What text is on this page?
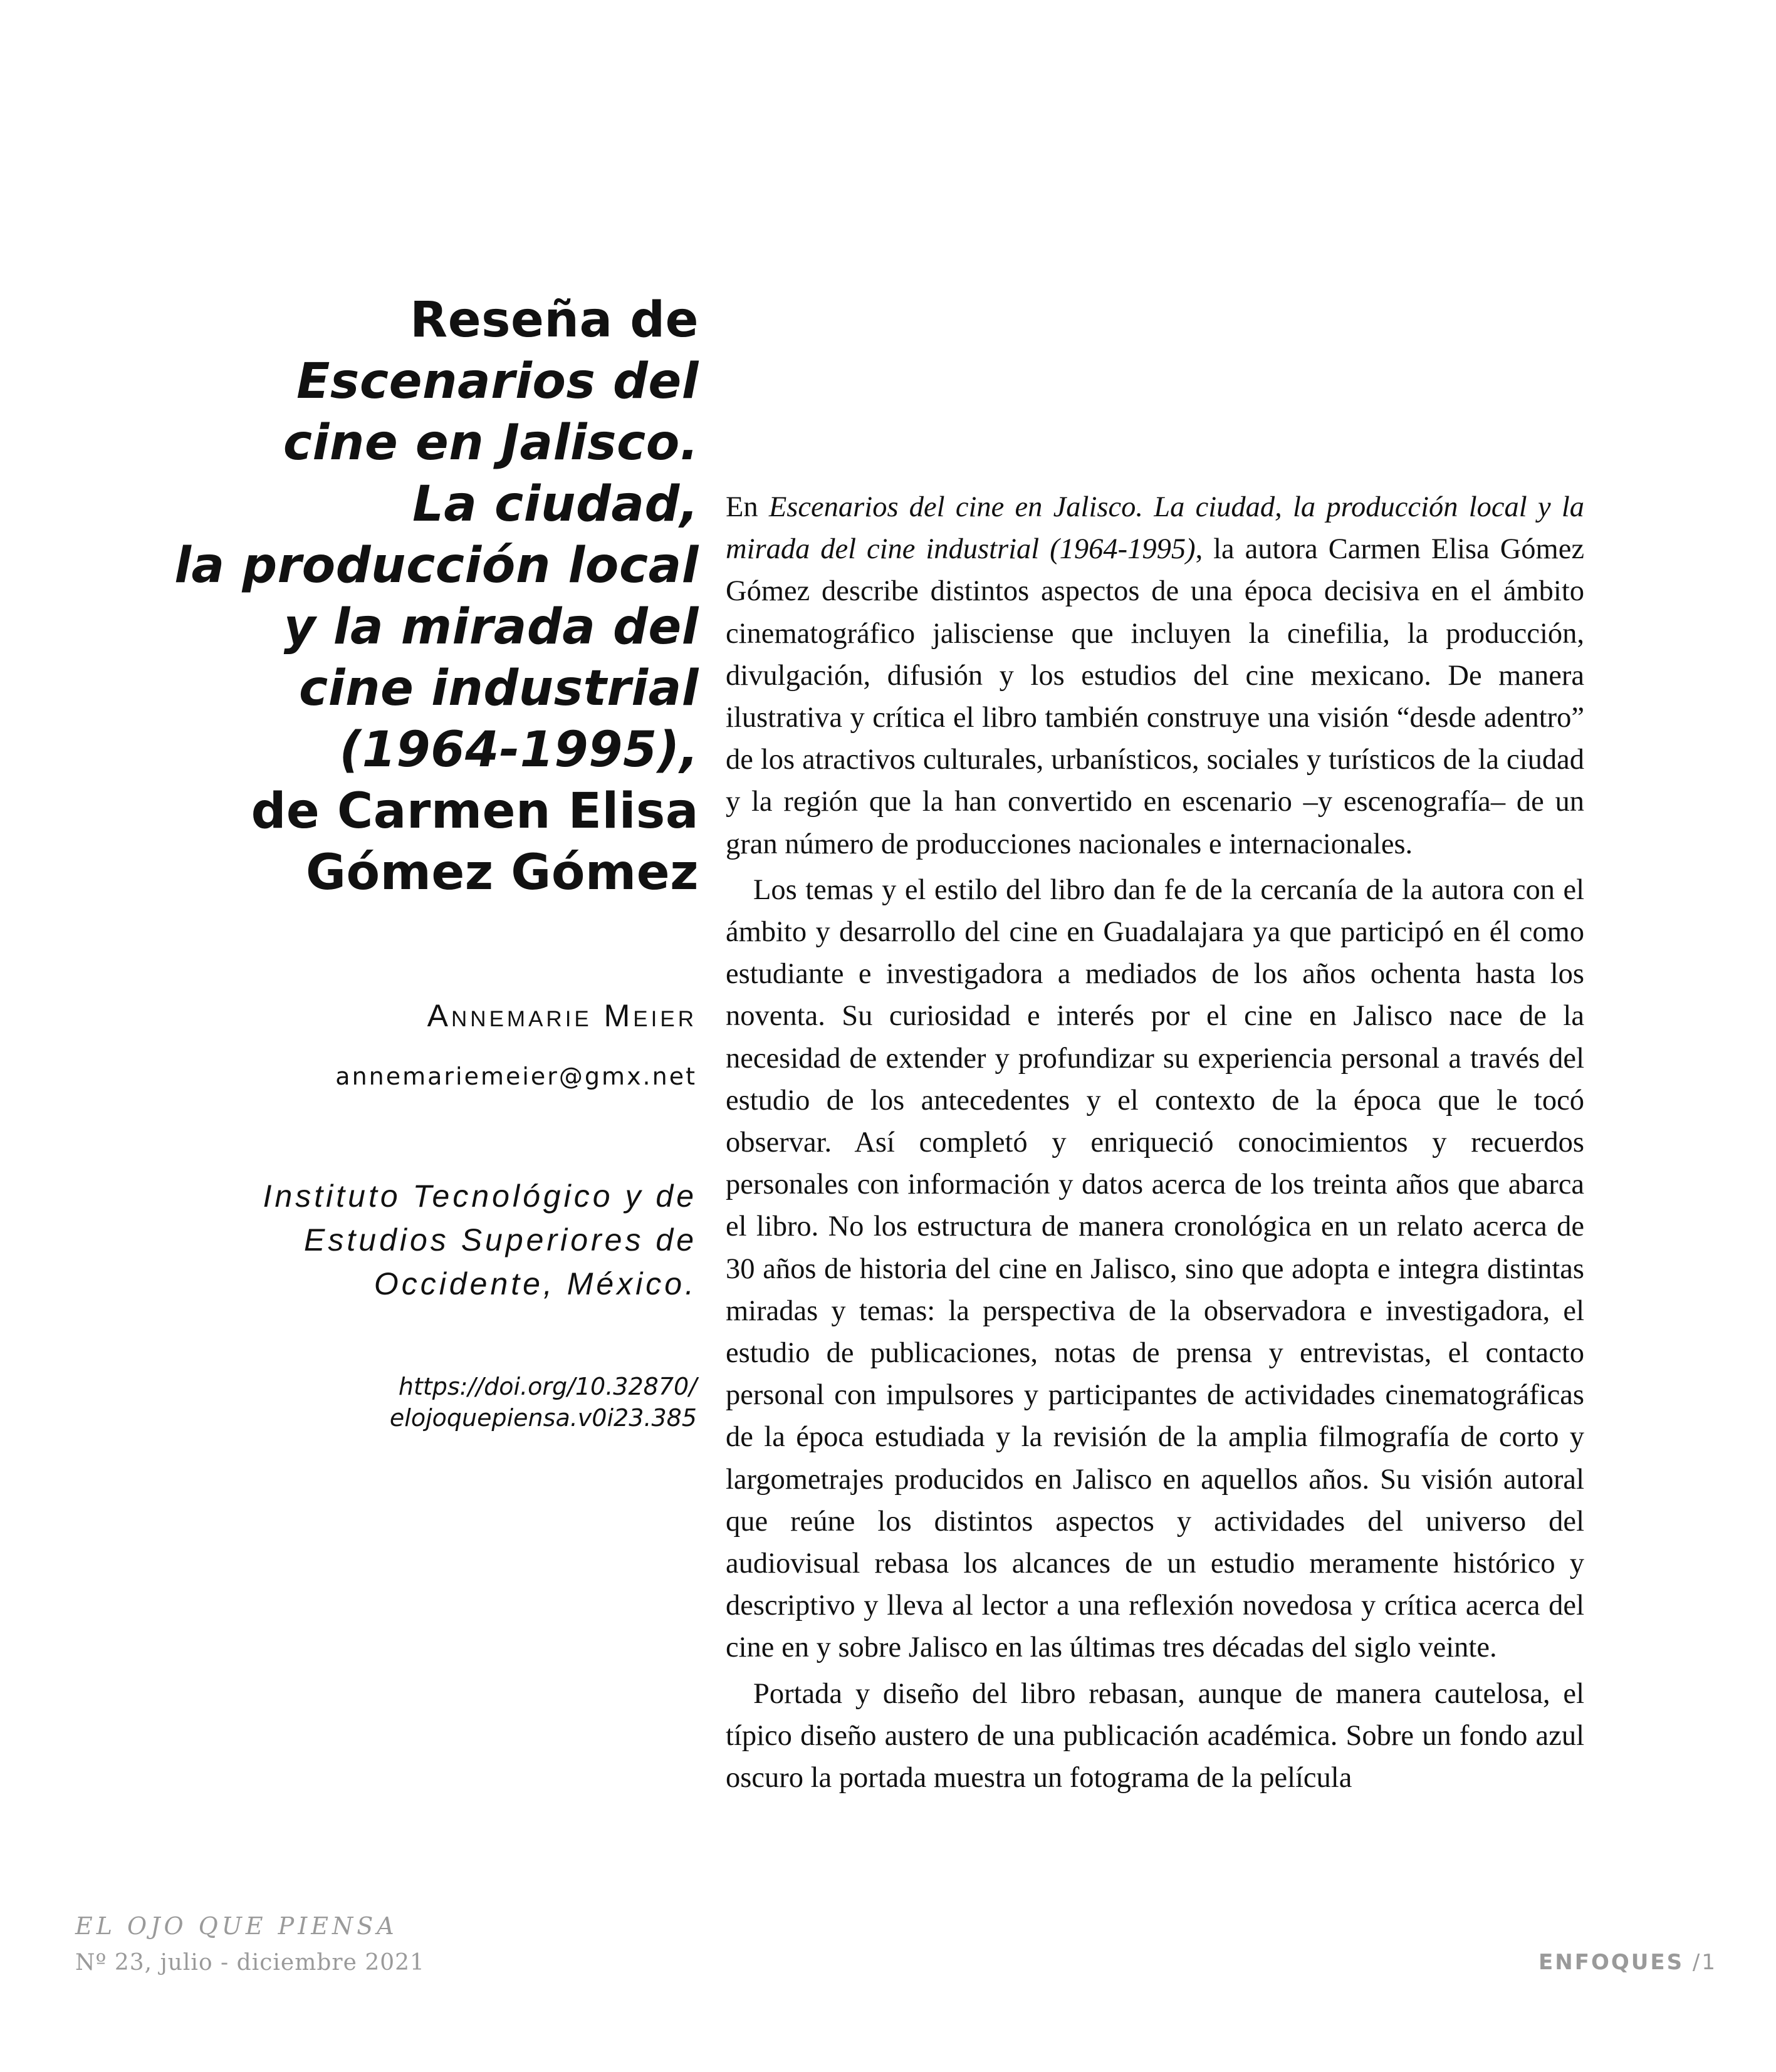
Reseña de
Escenarios del
cine en Jalisco.
La ciudad,
la producción local
y la mirada del
cine industrial
(1964-1995),
de Carmen Elisa
Gómez Gómez
Annemarie Meier
annemariemeier@gmx.net
Instituto Tecnológico y de
Estudios Superiores de
Occidente, México.
https://doi.org/10.32870/
elojoquepiensa.v0i23.385

En Escenarios del cine en Jalisco. La ciudad, la producción local y la mirada del cine industrial (1964-1995), la autora Carmen Elisa Gómez Gómez describe distintos aspectos de una época decisiva en el ámbito cinematográfico jalisciense que incluyen la cinefilia, la producción, divulgación, difusión y los estudios del cine mexicano. De manera ilustrativa y crítica el libro también construye una visión “desde adentro” de los atractivos culturales, urbanísticos, sociales y turísticos de la ciudad y la región que la han convertido en escenario –y escenografía– de un gran número de producciones nacionales e internacionales.

Los temas y el estilo del libro dan fe de la cercanía de la autora con el ámbito y desarrollo del cine en Guadalajara ya que participó en él como estudiante e investigadora a mediados de los años ochenta hasta los noventa. Su curiosidad e interés por el cine en Jalisco nace de la necesidad de extender y profundizar su experiencia personal a través del estudio de los antecedentes y el contexto de la época que le tocó observar. Así completó y enriqueció conocimientos y recuerdos personales con información y datos acerca de los treinta años que abarca el libro. No los estructura de manera cronológica en un relato acerca de 30 años de historia del cine en Jalisco, sino que adopta e integra distintas miradas y temas: la perspectiva de la observadora e investigadora, el estudio de publicaciones, notas de prensa y entrevistas, el contacto personal con impulsores y participantes de actividades cinematográficas de la época estudiada y la revisión de la amplia filmografía de corto y largometrajes producidos en Jalisco en aquellos años. Su visión autoral que reúne los distintos aspectos y actividades del universo del audiovisual rebasa los alcances de un estudio meramente histórico y descriptivo y lleva al lector a una reflexión novedosa y crítica acerca del cine en y sobre Jalisco en las últimas tres décadas del siglo veinte.

Portada y diseño del libro rebasan, aunque de manera cautelosa, el típico diseño austero de una publicación académica. Sobre un fondo azul oscuro la portada muestra un fotograma de la película

EL OJO QUE PIENSA
Nº 23, julio - diciembre 2021	ENFOQUES /1
